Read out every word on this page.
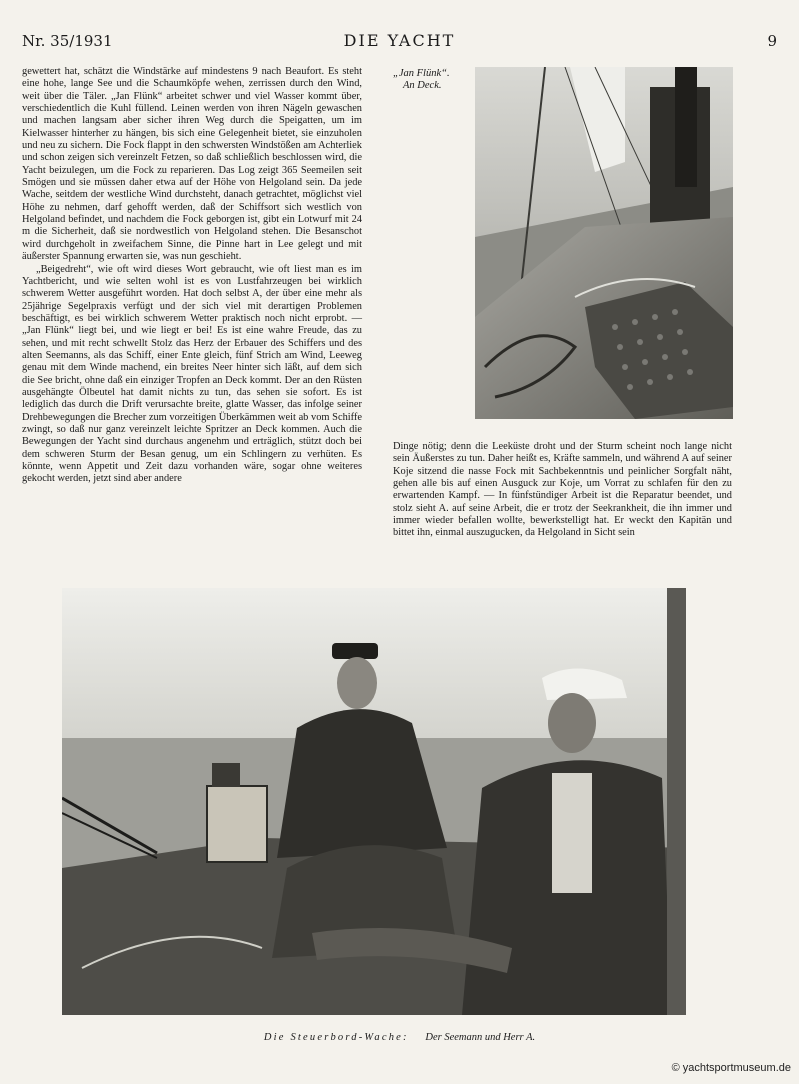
Nr. 35/1931	DIE YACHT	9

gewettert hat, schätzt die Windstärke auf mindestens 9 nach Beaufort. Es steht eine hohe, lange See und die Schaumköpfe wehen, zerrissen durch den Wind, weit über die Täler. „Jan Flünk“ arbeitet schwer und viel Wasser kommt über, verschiedentlich die Kuhl füllend. Leinen werden von ihren Nägeln gewaschen und machen langsam aber sicher ihren Weg durch die Speigatten, um im Kielwasser hinterher zu hängen, bis sich eine Gelegenheit bietet, sie einzuholen und neu zu sichern. Die Fock flappt in den schwersten Windstößen am Achterliek und schon zeigen sich vereinzelt Fetzen, so daß schließlich beschlossen wird, die Yacht beizulegen, um die Fock zu reparieren. Das Log zeigt 365 Seemeilen seit Smögen und sie müssen daher etwa auf der Höhe von Helgoland sein. Da jede Wache, seitdem der westliche Wind durchsteht, danach getrachtet, möglichst viel Höhe zu nehmen, darf gehofft werden, daß der Schiffsort sich westlich von Helgoland befindet, und nachdem die Fock geborgen ist, gibt ein Lotwurf mit 24 m die Sicherheit, daß sie nordwestlich von Helgoland stehen. Die Besanschot wird durchgeholt in zweifachem Sinne, die Pinne hart in Lee gelegt und mit äußerster Spannung erwarten sie, was nun geschieht.

„Beigedreht“, wie oft wird dieses Wort gebraucht, wie oft liest man es im Yachtbericht, und wie selten wohl ist es von Lustfahrzeugen bei wirklich schwerem Wetter ausgeführt worden. Hat doch selbst A, der über eine mehr als 25jährige Segelpraxis verfügt und der sich viel mit derartigen Problemen beschäftigt, es bei wirklich schwerem Wetter praktisch noch nicht erprobt. — „Jan Flünk“ liegt bei, und wie liegt er bei! Es ist eine wahre Freude, das zu sehen, und mit recht schwellt Stolz das Herz der Erbauer des Schiffers und des alten Seemanns, als das Schiff, einer Ente gleich, fünf Strich am Wind, Leeweg genau mit dem Winde machend, ein breites Neer hinter sich läßt, auf dem sich die See bricht, ohne daß ein einziger Tropfen an Deck kommt. Der an den Rüsten ausgehängte Ölbeutel hat damit nichts zu tun, das sehen sie sofort. Es ist lediglich das durch die Drift verursachte breite, glatte Wasser, das infolge seiner Drehbewegungen die Brecher zum vorzeitigen Überkämmen weit ab vom Schiffe zwingt, so daß nur ganz vereinzelt leichte Spritzer an Deck kommen. Auch die Bewegungen der Yacht sind durchaus angenehm und erträglich, stützt doch bei dem schweren Sturm der Besan genug, um ein Schlingern zu verhüten. Es könnte, wenn Appetit und Zeit dazu vorhanden wäre, sogar ohne weiteres gekocht werden, jetzt sind aber andere

„Jan Flünk“.
An Deck.

Dinge nötig; denn die Leeküste droht und der Sturm scheint noch lange nicht sein Äußerstes zu tun. Daher heißt es, Kräfte sammeln, und während A auf seiner Koje sitzend die nasse Fock mit Sachbekenntnis und peinlicher Sorgfalt näht, gehen alle bis auf einen Ausguck zur Koje, um Vorrat zu schlafen für den zu erwartenden Kampf. — In fünfstündiger Arbeit ist die Reparatur beendet, und stolz sieht A. auf seine Arbeit, die er trotz der Seekrankheit, die ihn immer und immer wieder befallen wollte, bewerkstelligt hat. Er weckt den Kapitän und bittet ihn, einmal auszugucken, da Helgoland in Sicht sein

Die Steuerbord-Wache: Der Seemann und Herr A.
© yachtsportmuseum.de
